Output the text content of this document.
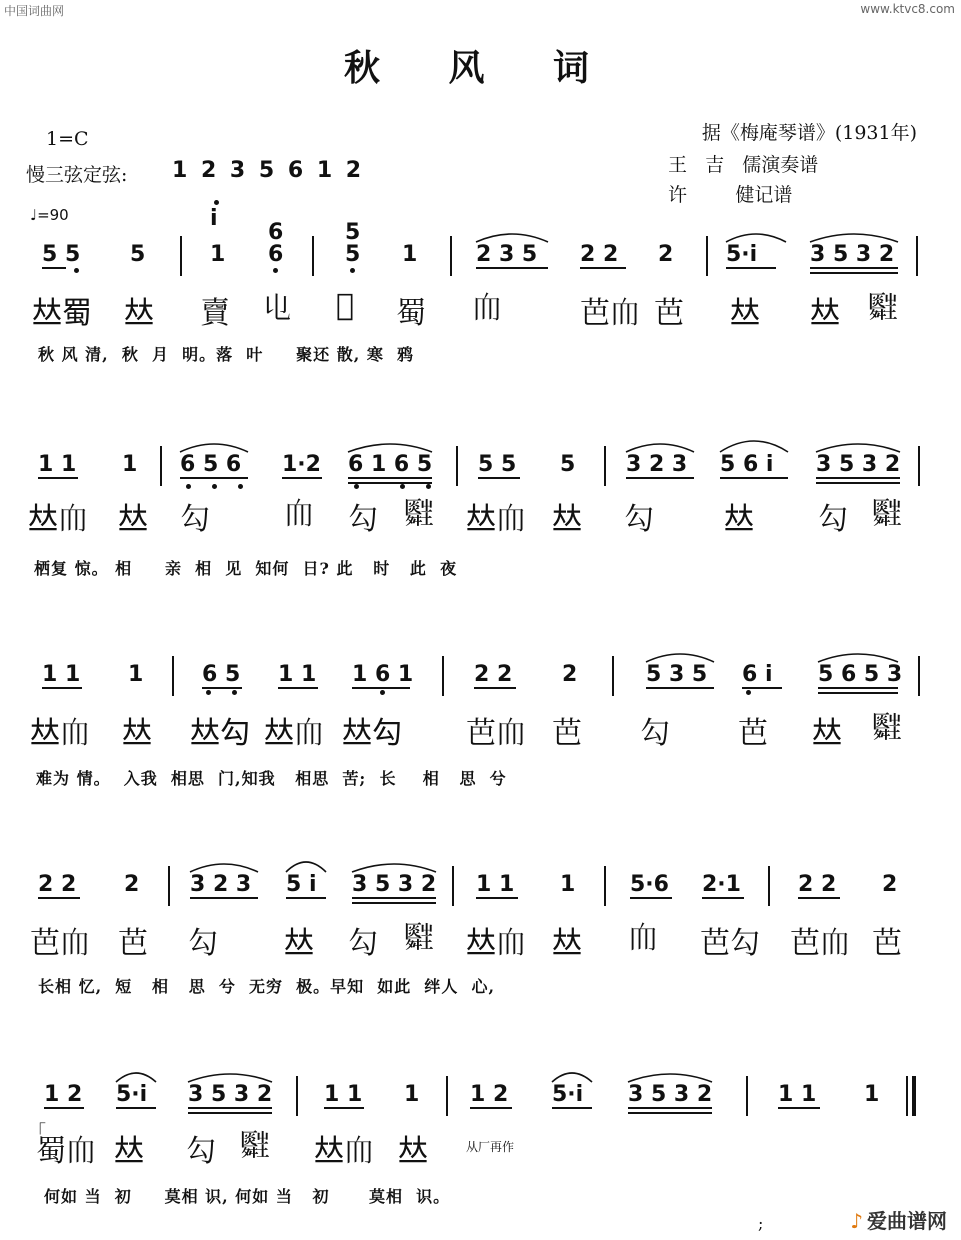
中国词曲网	www.ktvc8.com
秋 风 词
1=C
慢三弦定弦: 1 2 3 5 6 1 2
♩=90
据《梅庵琴谱》(1931年)
王   吉   儒演奏谱
许        健记谱
i
6	5
5 5 5	1 6	5 1	2 3 5 2 2 2 5·i 3 5 3 2
𠀤蜀 𠀤 𧶠 𠄑 𣁸 蜀 𦓐	芭𦓐 芭 𠀤 𠀤 𦨃
秋 风 清,  秋  月  明。落  叶     聚还 散, 寒  鸦
1 1 1 6 5 6 1·2 6 1 6 5 5 5 5 3 2 3 5 6 i 3 5 3 2
𠀤𦓐 𠀤 勾 𦓐 勾 𦨃 𠀤𦓐 𠀤 勾 𠀤 勾 𦨃
栖复 惊。 相     亲  相  见  知何  日? 此   时   此  夜
1 1 1	6 5 1 1 1 6 1	2 2 2	5 3 5 6 i 5 6 5 3
𠀤𦓐 𠀤 𠀤勾 𠀤𦓐 𠀤勾 芭𦓐 芭 勾 芭 𠀤 𦨃
难为 情。  入我  相思  门,知我   相思  苦;  长    相   思  兮
2 2 2 3 2 3 5 i 3 5 3 2 1 1 1 5·6 2·1	2 2 2
芭𦓐 芭 勾 𠀤 勾 𦨃 𠀤𦓐 𠀤 𦓐 芭勾 芭𦓐 芭
长相 忆,  短   相   思  兮  无穷  极。早知  如此  绊人  心,
1 2 5·i 3 5 3 2 1 1 1 1 2 5·i 3 5 3 2	1 1 1
「
蜀𦓐 𠀤 勾 𦨃 𠀤𦓐 𠀤	从厂再作
何如 当  初     莫相 识, 何如 当   初      莫相  识。
;	♪ 爱曲谱网
